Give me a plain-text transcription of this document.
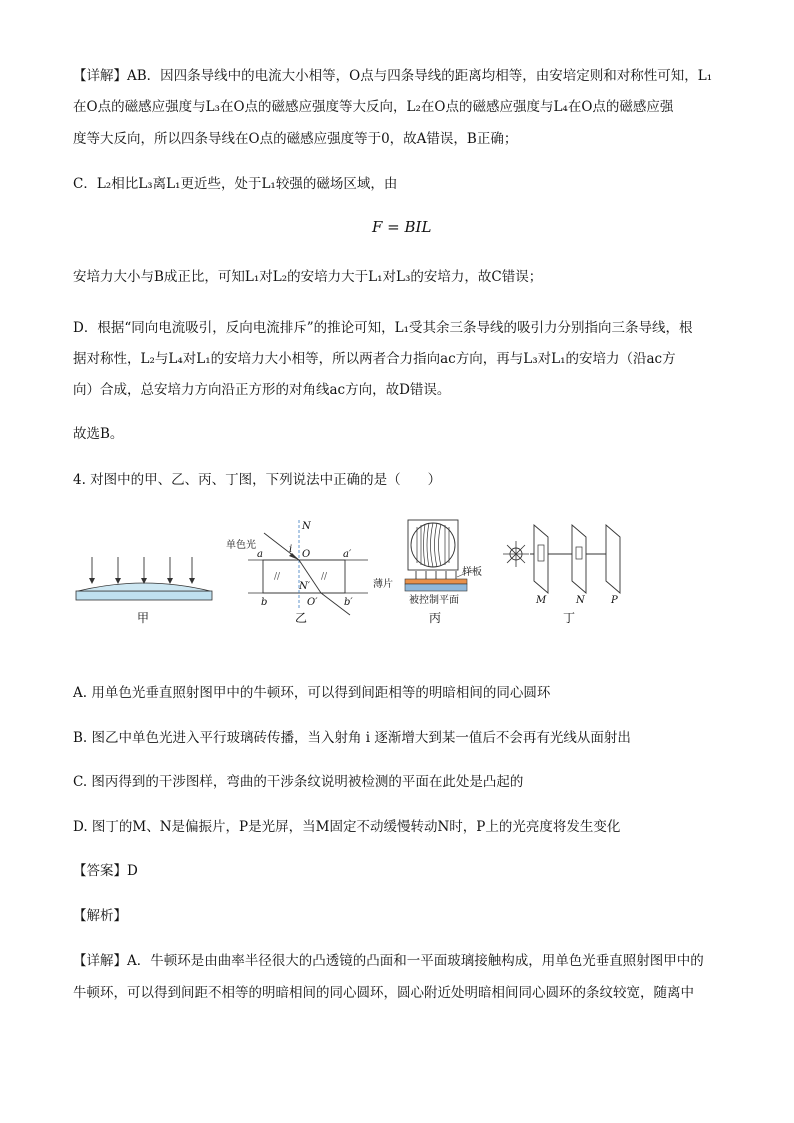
【详解】AB．因四条导线中的电流大小相等，O点与四条导线的距离均相等，由安培定则和对称性可知，L₁
在O点的磁感应强度与L₃在O点的磁感应强度等大反向，L₂在O点的磁感应强度与L₄在O点的磁感应强
度等大反向，所以四条导线在O点的磁感应强度等于0，故A错误，B正确；
C．L₂相比L₃离L₁更近些，处于L₁较强的磁场区域，由
F = BIL
安培力大小与B成正比，可知L₁对L₂的安培力大于L₁对L₃的安培力，故C错误；
D．根据“同向电流吸引，反向电流排斥”的推论可知，L₁受其余三条导线的吸引力分别指向三条导线，根
据对称性，L₂与L₄对L₁的安培力大小相等，所以两者合力指向ac方向，再与L₃对L₁的安培力（沿ac方
向）合成，总安培力方向沿正方形的对角线ac方向，故D错误。
故选B。
4. 对图中的甲、乙、丙、丁图，下列说法中正确的是（　　）
//	//
单色光
N
i O
a	a′
N′
b	O′	b′
样板
薄片
被控制平面	M	N	P
甲	乙	丙	丁
A. 用单色光垂直照射图甲中的牛顿环，可以得到间距相等的明暗相间的同心圆环
B. 图乙中单色光进入平行玻璃砖传播，当入射角 i 逐渐增大到某一值后不会再有光线从面射出
C. 图丙得到的干涉图样，弯曲的干涉条纹说明被检测的平面在此处是凸起的
D. 图丁的M、N是偏振片，P是光屏，当M固定不动缓慢转动N时，P上的光亮度将发生变化
【答案】D
【解析】
【详解】A．牛顿环是由曲率半径很大的凸透镜的凸面和一平面玻璃接触构成，用单色光垂直照射图甲中的
牛顿环，可以得到间距不相等的明暗相间的同心圆环，圆心附近处明暗相间同心圆环的条纹较宽，随离中
